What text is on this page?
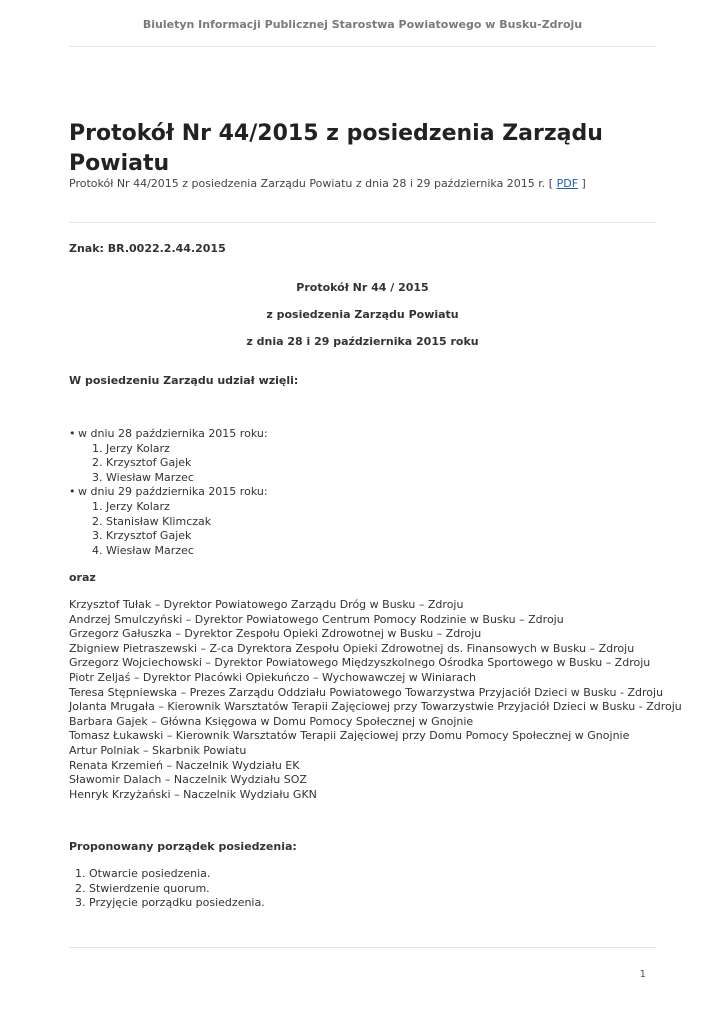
Biuletyn Informacji Publicznej Starostwa Powiatowego w Busku-Zdroju
Protokół Nr 44/2015 z posiedzenia Zarządu Powiatu
Protokół Nr 44/2015 z posiedzenia Zarządu Powiatu z dnia 28 i 29 października 2015 r. [ PDF ]
Znak: BR.0022.2.44.2015
Protokół Nr 44 / 2015
z posiedzenia Zarządu Powiatu
z dnia 28 i 29 października 2015 roku
W posiedzeniu Zarządu udział wzięli:
• w dniu 28 października 2015 roku:
1. Jerzy Kolarz
2. Krzysztof Gajek
3. Wiesław Marzec
• w dniu 29 października 2015 roku:
1. Jerzy Kolarz
2. Stanisław Klimczak
3. Krzysztof Gajek
4. Wiesław Marzec
oraz
Krzysztof Tułak – Dyrektor Powiatowego Zarządu Dróg w Busku – Zdroju
Andrzej Smulczyński – Dyrektor Powiatowego Centrum Pomocy Rodzinie w Busku – Zdroju
Grzegorz Gałuszka – Dyrektor Zespołu Opieki Zdrowotnej w Busku – Zdroju
Zbigniew Pietraszewski – Z-ca Dyrektora Zespołu Opieki Zdrowotnej ds. Finansowych w Busku – Zdroju
Grzegorz Wojciechowski – Dyrektor Powiatowego Międzyszkolnego Ośrodka Sportowego w Busku – Zdroju
Piotr Zeljaś – Dyrektor Placówki Opiekuńczo – Wychowawczej w Winiarach
Teresa Stępniewska – Prezes Zarządu Oddziału Powiatowego Towarzystwa Przyjaciół Dzieci w Busku - Zdroju
Jolanta Mrugała – Kierownik Warsztatów Terapii Zajęciowej przy Towarzystwie Przyjaciół Dzieci w Busku - Zdroju
Barbara Gajek – Główna Księgowa w Domu Pomocy Społecznej w Gnojnie
Tomasz Łukawski – Kierownik Warsztatów Terapii Zajęciowej przy Domu Pomocy Społecznej w Gnojnie
Artur Polniak – Skarbnik Powiatu
Renata Krzemień – Naczelnik Wydziału EK
Sławomir Dalach – Naczelnik Wydziału SOZ
Henryk Krzyżański – Naczelnik Wydziału GKN
Proponowany porządek posiedzenia:
1. Otwarcie posiedzenia.
2. Stwierdzenie quorum.
3. Przyjęcie porządku posiedzenia.
1
